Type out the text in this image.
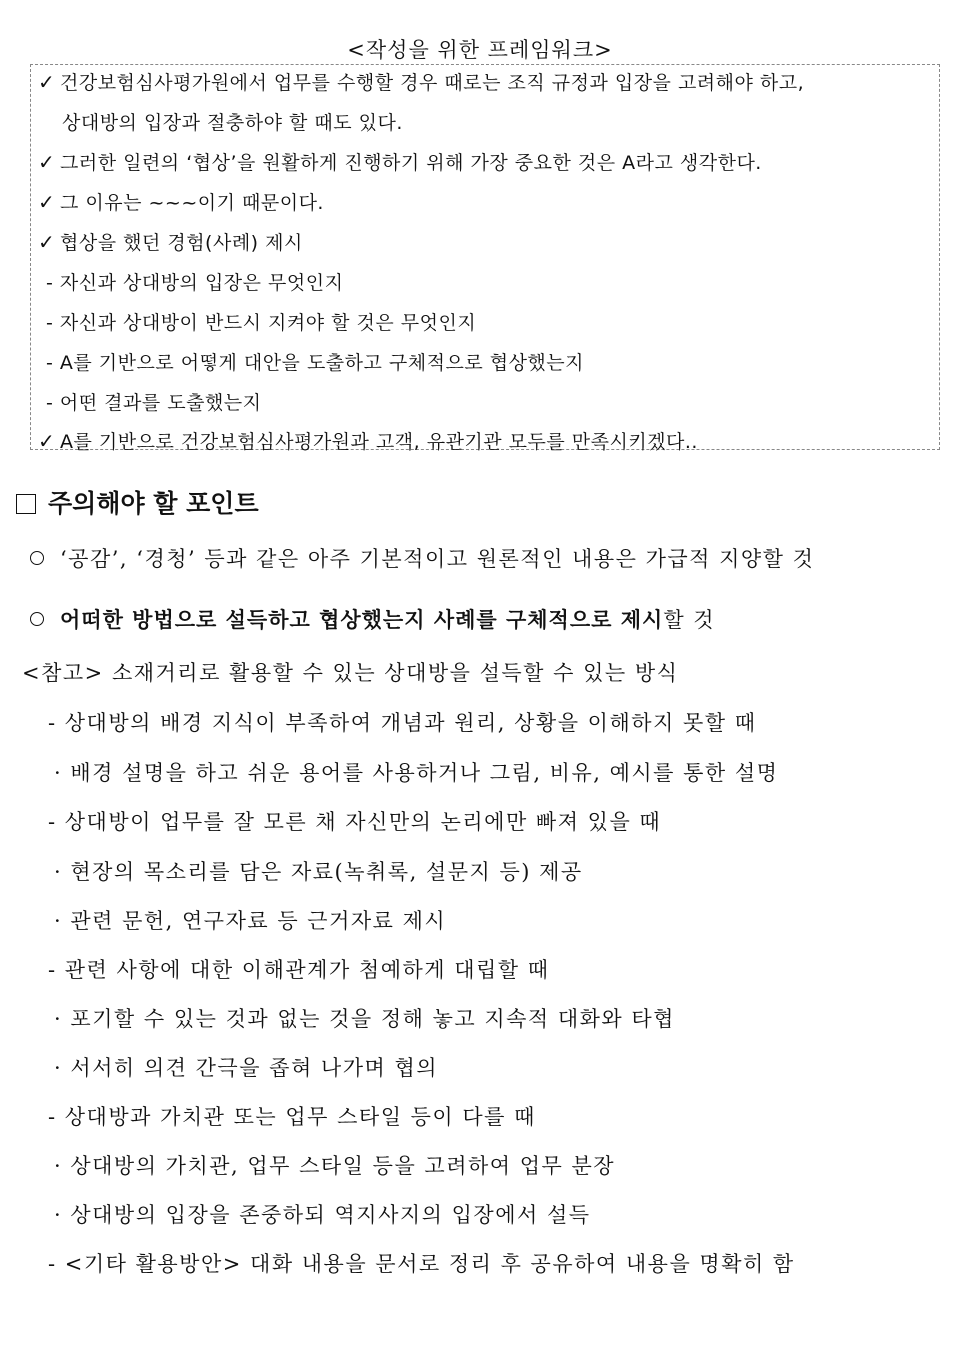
<작성을 위한 프레임워크>
✓ 건강보험심사평가원에서 업무를 수행할 경우 때로는 조직 규정과 입장을 고려해야 하고,
상대방의 입장과 절충하야 할 때도 있다.
✓ 그러한 일련의 ‘협상’을 원활하게 진행하기 위해 가장 중요한 것은 A라고 생각한다.
✓ 그 이유는 ~~~이기 때문이다.
✓ 협상을 했던 경험(사례) 제시
- 자신과 상대방의 입장은 무엇인지
- 자신과 상대방이 반드시 지켜야 할 것은 무엇인지
- A를 기반으로 어떻게 대안을 도출하고 구체적으로 협상했는지
- 어떤 결과를 도출했는지
✓ A를 기반으로 건강보험심사평가원과 고객, 유관기관 모두를 만족시키겠다..
주의해야 할 포인트
‘공감’, ‘경청’ 등과 같은 아주 기본적이고 원론적인 내용은 가급적 지양할 것
어떠한 방법으로 설득하고 협상했는지 사례를 구체적으로 제시할 것
<참고> 소재거리로 활용할 수 있는 상대방을 설득할 수 있는 방식
- 상대방의 배경 지식이 부족하여 개념과 원리, 상황을 이해하지 못할 때
· 배경 설명을 하고 쉬운 용어를 사용하거나 그림, 비유, 예시를 통한 설명
- 상대방이 업무를 잘 모른 채 자신만의 논리에만 빠져 있을 때
· 현장의 목소리를 담은 자료(녹취록, 설문지 등) 제공
· 관련 문헌, 연구자료 등 근거자료 제시
- 관련 사항에 대한 이해관계가 첨예하게 대립할 때
· 포기할 수 있는 것과 없는 것을 정해 놓고 지속적 대화와 타협
· 서서히 의견 간극을 좁혀 나가며 협의
- 상대방과 가치관 또는 업무 스타일 등이 다를 때
· 상대방의 가치관, 업무 스타일 등을 고려하여 업무 분장
· 상대방의 입장을 존중하되 역지사지의 입장에서 설득
- <기타 활용방안> 대화 내용을 문서로 정리 후 공유하여 내용을 명확히 함
